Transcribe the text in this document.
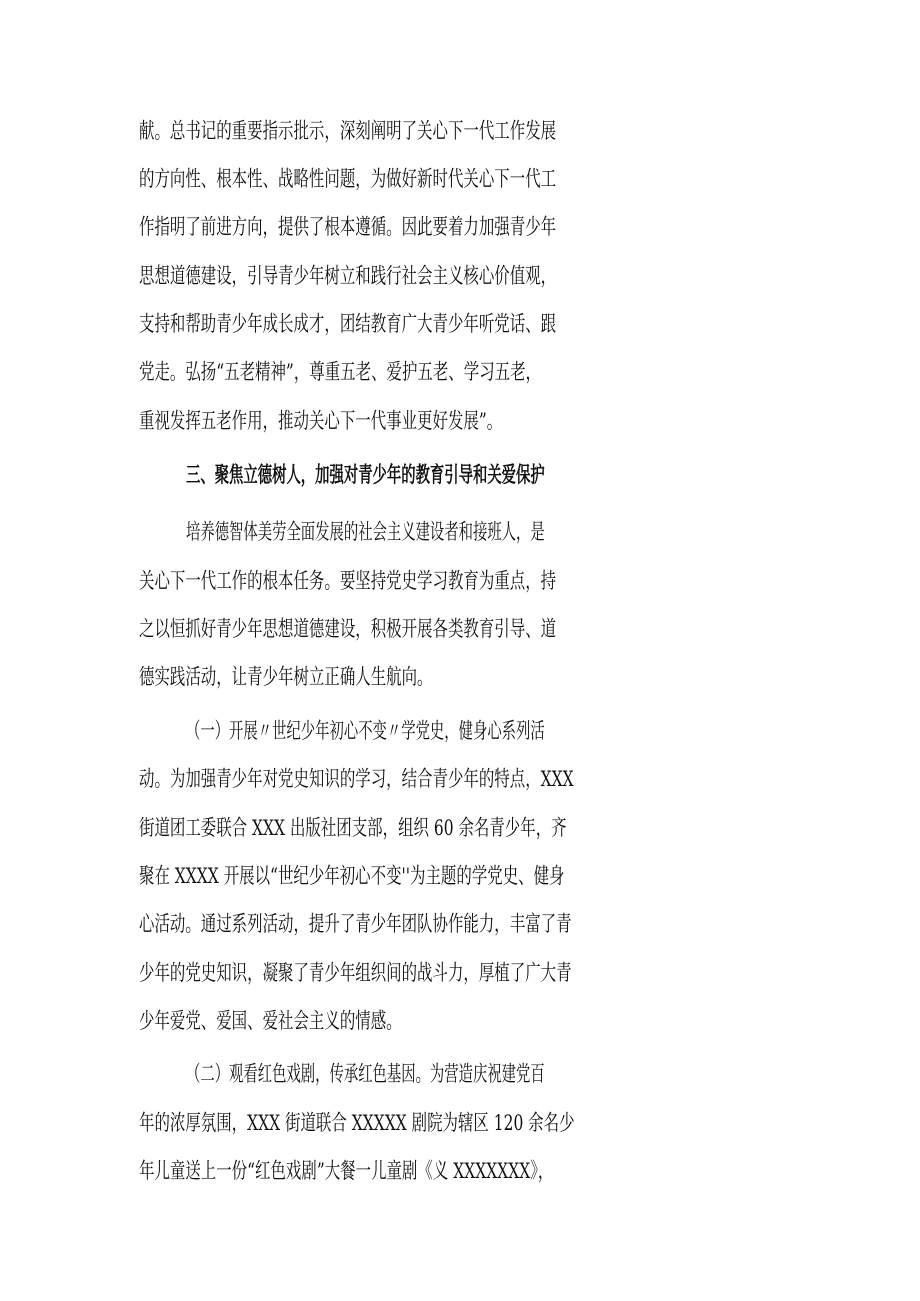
献。总书记的重要指示批示，深刻阐明了关心下一代工作发展
的方向性、根本性、战略性问题，为做好新时代关心下一代工
作指明了前进方向，提供了根本遵循。因此要着力加强青少年
思想道德建设，引导青少年树立和践行社会主义核心价值观，
支持和帮助青少年成长成才，团结教育广大青少年听党话、跟
党走。弘扬“五老精神”，尊重五老、爱护五老、学习五老，
重视发挥五老作用，推动关心下一代事业更好发展”。
三、聚焦立德树人，加强对青少年的教育引导和关爱保护
培养德智体美劳全面发展的社会主义建设者和接班人，是
关心下一代工作的根本任务。要坚持党史学习教育为重点，持
之以恒抓好青少年思想道德建设，积极开展各类教育引导、道
德实践活动，让青少年树立正确人生航向。
（一）开展〃世纪少年初心不变〃学党史，健身心系列活
动。为加强青少年对党史知识的学习，结合青少年的特点，XXX
街道团工委联合 XXX 出版社团支部，组织 60 余名青少年，齐
聚在 XXXX 开展以“世纪少年初心不变''为主题的学党史、健身
心活动。通过系列活动，提升了青少年团队协作能力，丰富了青
少年的党史知识，凝聚了青少年组织间的战斗力，厚植了广大青
少年爱党、爱国、爱社会主义的情感。
（二）观看红色戏剧，传承红色基因。为营造庆祝建党百
年的浓厚氛围，XXX 街道联合 XXXXX 剧院为辖区 120 余名少
年儿童送上一份“红色戏剧”大餐一儿童剧《义 XXXXXXX》，
